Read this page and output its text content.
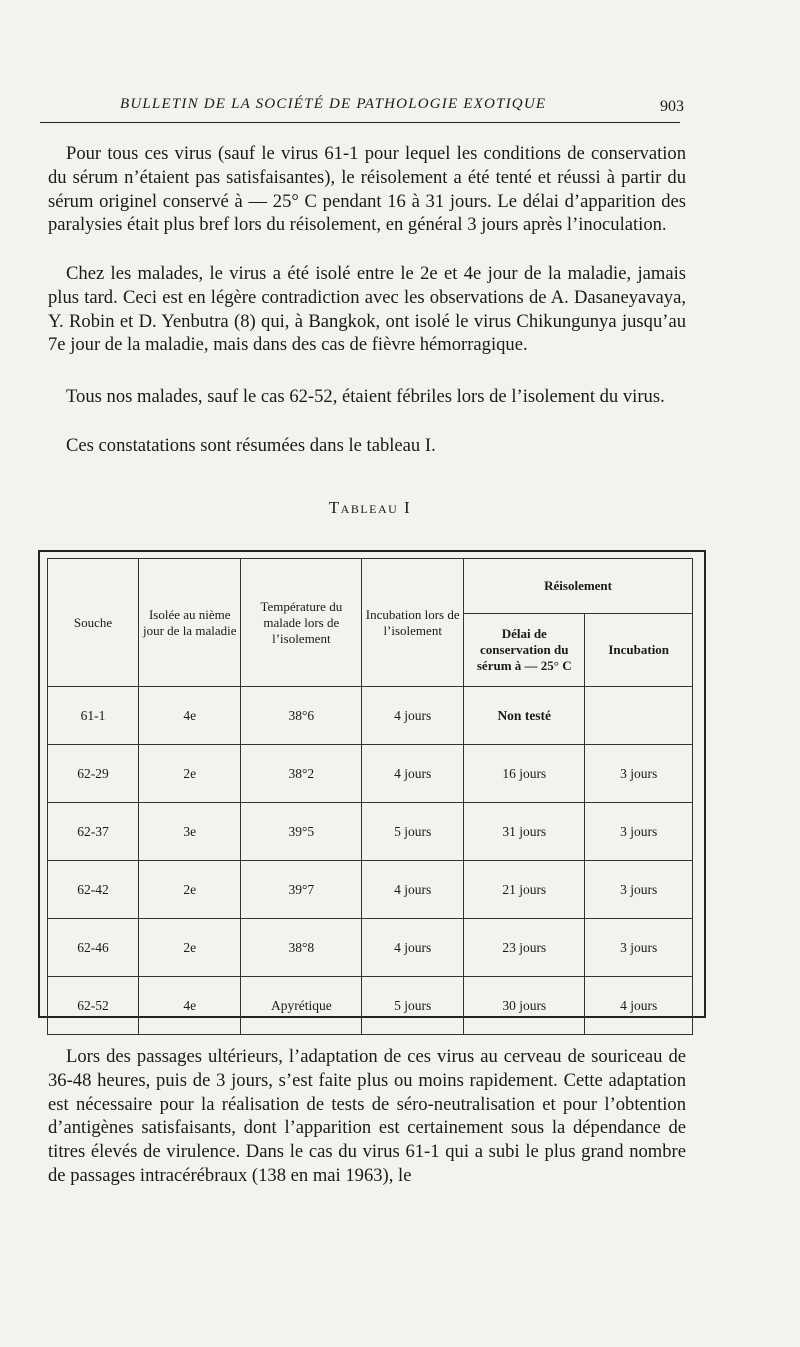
BULLETIN DE LA SOCIÉTÉ DE PATHOLOGIE EXOTIQUE	903

Pour tous ces virus (sauf le virus 61-1 pour lequel les conditions de conservation du sérum n’étaient pas satisfaisantes), le réisolement a été tenté et réussi à partir du sérum originel conservé à — 25° C pendant 16 à 31 jours. Le délai d’apparition des paralysies était plus bref lors du réisolement, en général 3 jours après l’inoculation.

Chez les malades, le virus a été isolé entre le 2e et 4e jour de la maladie, jamais plus tard. Ceci est en légère contradiction avec les observations de A. Dasaneyavaya, Y. Robin et D. Yenbutra (8) qui, à Bangkok, ont isolé le virus Chikungunya jusqu’au 7e jour de la maladie, mais dans des cas de fièvre hémorragique.

Tous nos malades, sauf le cas 62-52, étaient fébriles lors de l’isolement du virus.

Ces constatations sont résumées dans le tableau I.

Tableau I
Souche	Isolée au nième jour de la maladie	Température du malade lors de l’isolement	Incubation lors de l’isolement	Réisolement	
				Délai de conservation du sérum à — 25° C	Incubation
61-1	4e	38°6	4 jours	Non testé	
62-29	2e	38°2	4 jours	16 jours	3 jours
62-37	3e	39°5	5 jours	31 jours	3 jours
62-42	2e	39°7	4 jours	21 jours	3 jours
62-46	2e	38°8	4 jours	23 jours	3 jours
62-52	4e	Apyrétique	5 jours	30 jours	4 jours

Lors des passages ultérieurs, l’adaptation de ces virus au cerveau de souriceau de 36-48 heures, puis de 3 jours, s’est faite plus ou moins rapidement. Cette adaptation est nécessaire pour la réalisation de tests de séro-neutralisation et pour l’obtention d’antigènes satisfaisants, dont l’apparition est certainement sous la dépendance de titres élevés de virulence. Dans le cas du virus 61-1 qui a subi le plus grand nombre de passages intracérébraux (138 en mai 1963), le
